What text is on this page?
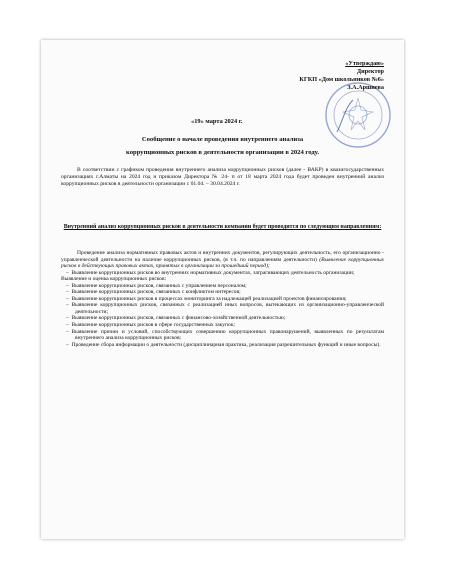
«Утверждаю»
Директор
КГКП «Дом школьников №6»
З.А.Аршиева
«19» марта 2024 г.
Сообщение о начале проведения внутреннего анализа
коррупционных рисков в деятельности организации в 2024 году.
В соответствии с графиком проведения внутреннего анализа коррупционных рисков (далее - ВАКР) в квазигосударственных организациях г.Алматы на 2024 год и приказом Директора № 24- п от 18 марта 2024 года будет проведен внутренний анализ коррупционных рисков в деятельности организации с 01.04. – 30.04.2024 г.
Внутренний анализ коррупционных рисков в деятельности компании будет проводится по следующим направлениям:

Проведение анализа нормативных правовых актов и внутренних документов, регулирующих деятельность, его организационно - управленческой деятельности на наличие коррупционных рисков, (в т.ч. по направлениям деятельности) (Выявление коррупционных рисков в действующих правовых актах, принятых в организации за прошедший период);

–  Выявление коррупционных рисков во внутренних нормативных документах, затрагивающих деятельность организации;

Выявление и оценка коррупционных рисков:

–  Выявление коррупционных рисков, связанных с управлением персоналом;
–  Выявление коррупционных рисков, связанных с конфликтом интересов;
–  Выявление коррупционных рисков в процессах мониторинга за надлежащей реализацией проектов финансирования;
–  Выявление коррупционных рисков, связанных с реализацией иных вопросов, вытекающих из организационно-управленческой деятельности;
–  Выявление коррупционных рисков, связанных с финансово-хозяйственной деятельностью;
–  Выявление коррупционных рисков в сфере государственных закупок;
–  Выявление причин и условий, способствующих совершению коррупционных правонарушений, выявленных по результатам внутреннего анализа коррупционных рисков;
–  Проведение сбора информации о деятельности (дисциплинарная практика, реализация разрешительных функций и иные вопросы).
